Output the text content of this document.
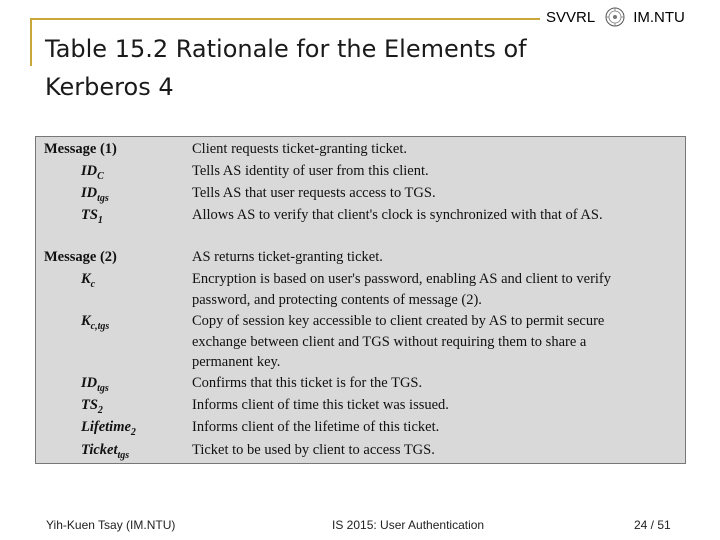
SVVRL	IM.NTU
Table 15.2 Rationale for the Elements of Kerberos 4
Message (1)	Client requests ticket-granting ticket.
$ID_C$	Tells AS identity of user from this client.
$ID_{tgs}$	Tells AS that user requests access to TGS.
$TS_1$	Allows AS to verify that client's clock is synchronized with that of AS.
Message (2)	AS returns ticket-granting ticket.
$K_c$	Encryption is based on user's password, enabling AS and client to verify
password, and protecting contents of message (2).
$K_{c,tgs}$	Copy of session key accessible to client created by AS to permit secure
exchange between client and TGS without requiring them to share a
permanent key.
$ID_{tgs}$	Confirms that this ticket is for the TGS.
$TS_2$	Informs client of time this ticket was issued.
Lifetime$_2$	Informs client of the lifetime of this ticket.
Ticket$_{tgs}$	Ticket to be used by client to access TGS.
Yih-Kuen Tsay (IM.NTU)	IS 2015: User Authentication	24 / 51
